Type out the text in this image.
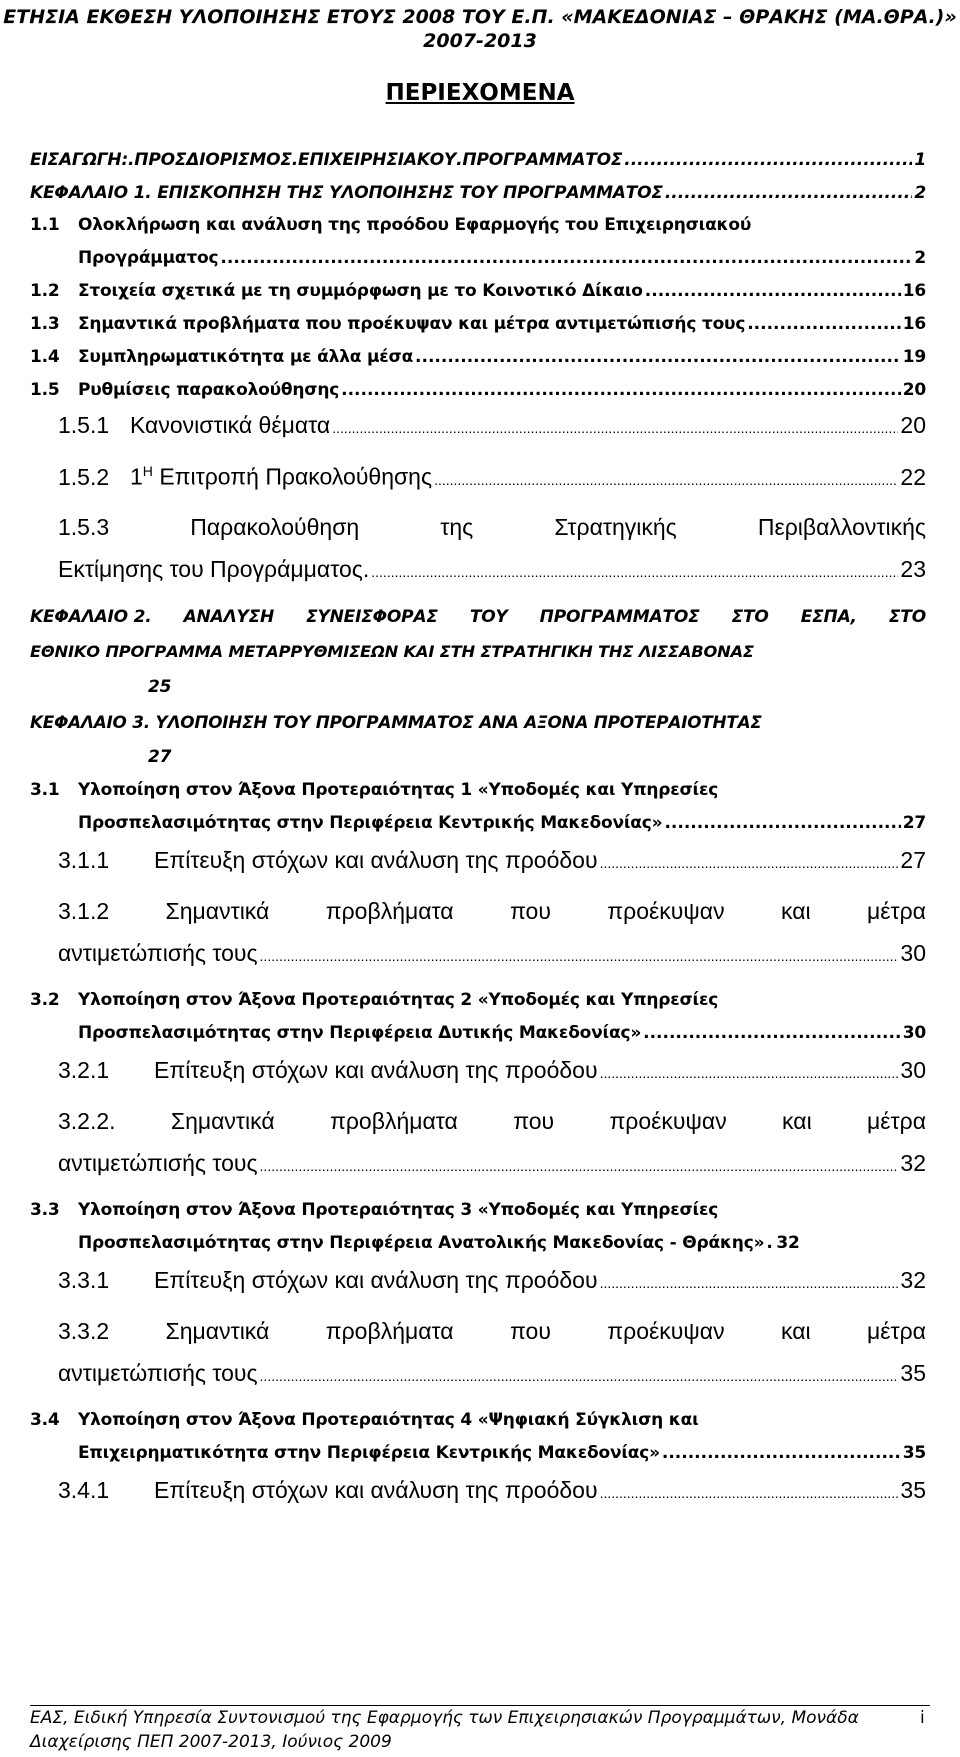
ΕΤΗΣΙΑ ΕΚΘΕΣΗ ΥΛΟΠΟΙΗΣΗΣ ΕΤΟΥΣ 2008 ΤΟΥ Ε.Π. «ΜΑΚΕΔΟΝΙΑΣ – ΘΡΑΚΗΣ (ΜΑ.ΘΡΑ.)»
2007-2013
ΠΕΡΙΕΧΟΜΕΝΑ
ΕΙΣΑΓΩΓΗ:.ΠΡΟΣΔΙΟΡΙΣΜΟΣ.ΕΠΙΧΕΙΡΗΣΙΑΚΟΥ.ΠΡΟΓΡΑΜΜΑΤΟΣ .....	1
ΚΕΦΑΛΑΙΟ 1. ΕΠΙΣΚΟΠΗΣΗ ΤΗΣ ΥΛΟΠΟΙΗΣΗΣ ΤΟΥ ΠΡΟΓΡΑΜΜΑΤΟΣ .....	2
1.1 Ολοκλήρωση και ανάλυση της προόδου Εφαρμογής του Επιχειρησιακού
Προγράμματος .....	2
1.2 Στοιχεία σχετικά με τη συμμόρφωση με το Κοινοτικό Δίκαιο .....	16
1.3 Σημαντικά προβλήματα που προέκυψαν και μέτρα αντιμετώπισής τους .....	16
1.4 Συμπληρωματικότητα με άλλα μέσα .....	19
1.5 Ρυθμίσεις παρακολούθησης .....	20
1.5.1 Κανονιστικά θέματα .....	20
1.5.2 $1^H$ Επιτροπή Πρακολούθησης .....	22
1.5.3	Παρακολούθηση	της	Στρατηγικής	Περιβαλλοντικής
Εκτίμησης του Προγράμματος. .....	23
ΚΕΦΑΛΑΙΟ 2. ΑΝΑΛΥΣΗ ΣΥΝΕΙΣΦΟΡΑΣ ΤΟΥ ΠΡΟΓΡΑΜΜΑΤΟΣ ΣΤΟ ΕΣΠΑ, ΣΤΟ
ΕΘΝΙΚΟ ΠΡΟΓΡΑΜΜΑ ΜΕΤΑΡΡΥΘΜΙΣΕΩΝ ΚΑΙ ΣΤΗ ΣΤΡΑΤΗΓΙΚΗ ΤΗΣ ΛΙΣΣΑΒΟΝΑΣ
25
ΚΕΦΑΛΑΙΟ 3. ΥΛΟΠΟΙΗΣΗ ΤΟΥ ΠΡΟΓΡΑΜΜΑΤΟΣ ΑΝΑ ΑΞΟΝΑ ΠΡΟΤΕΡΑΙΟΤΗΤΑΣ
27
3.1 Υλοποίηση στον Άξονα Προτεραιότητας 1 «Υποδομές και Υπηρεσίες
Προσπελασιμότητας στην Περιφέρεια Κεντρικής Μακεδονίας» .....	27
3.1.1 Επίτευξη στόχων και ανάλυση της προόδου .....	27
3.1.2 Σημαντικά προβλήματα που προέκυψαν και μέτρα
αντιμετώπισής τους .....	30
3.2 Υλοποίηση στον Άξονα Προτεραιότητας 2 «Υποδομές και Υπηρεσίες
Προσπελασιμότητας στην Περιφέρεια Δυτικής Μακεδονίας» .....	30
3.2.1 Επίτευξη στόχων και ανάλυση της προόδου .....	30
3.2.2. Σημαντικά προβλήματα που προέκυψαν και μέτρα
αντιμετώπισής τους .....	32
3.3 Υλοποίηση στον Άξονα Προτεραιότητας 3 «Υποδομές και Υπηρεσίες
Προσπελασιμότητας στην Περιφέρεια Ανατολικής Μακεδονίας - Θράκης» ..... 32
3.3.1 Επίτευξη στόχων και ανάλυση της προόδου .....	32
3.3.2 Σημαντικά προβλήματα που προέκυψαν και μέτρα
αντιμετώπισής τους .....	35
3.4 Υλοποίηση στον Άξονα Προτεραιότητας 4 «Ψηφιακή Σύγκλιση και
Επιχειρηματικότητα στην Περιφέρεια Κεντρικής Μακεδονίας» .....	35
3.4.1 Επίτευξη στόχων και ανάλυση της προόδου .....	35
ΕΑΣ, Ειδική Υπηρεσία Συντονισμού της Εφαρμογής των Επιχειρησιακών Προγραμμάτων, Μονάδα
Διαχείρισης ΠΕΠ 2007-2013, Ιούνιος 2009
i
